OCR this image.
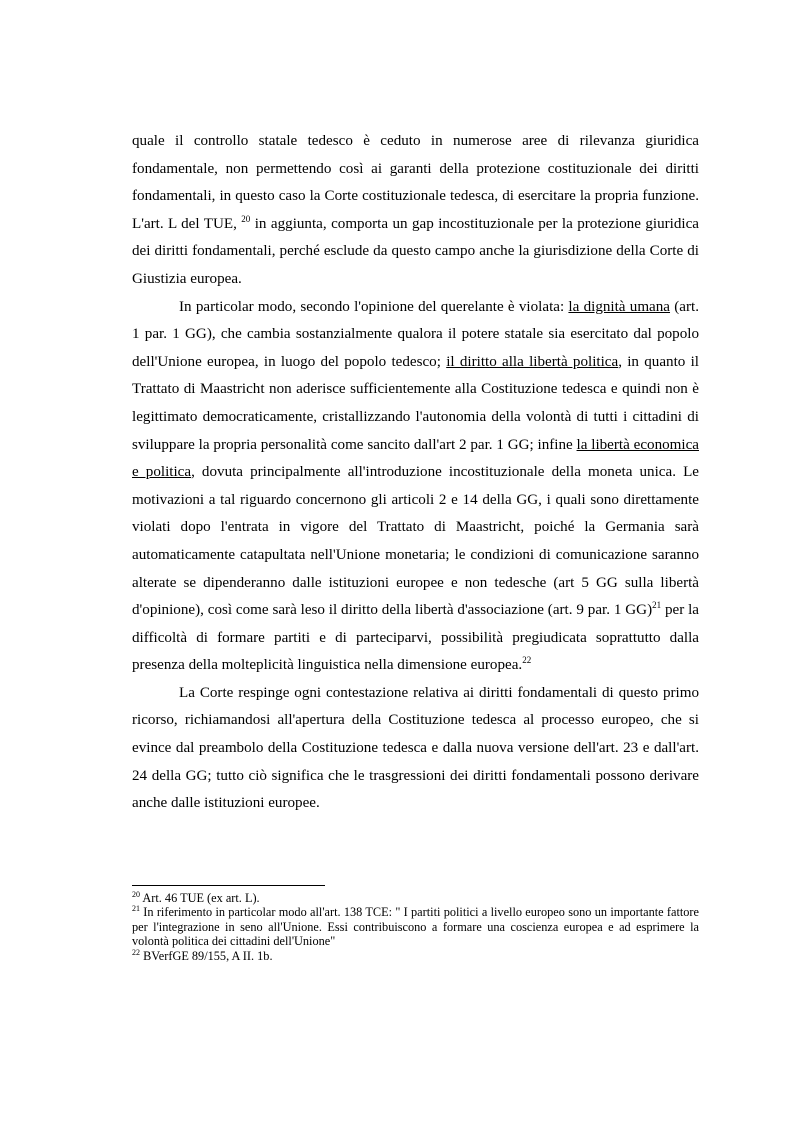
quale il controllo statale tedesco è ceduto in numerose aree di rilevanza giuridica fondamentale, non permettendo così ai garanti della protezione costituzionale dei diritti fondamentali, in questo caso la Corte costituzionale tedesca, di esercitare la propria funzione. L'art. L del TUE, $^{20}$ in aggiunta, comporta un gap incostituzionale per la protezione giuridica dei diritti fondamentali, perché esclude da questo campo anche la giurisdizione della Corte di Giustizia europea.

In particolar modo, secondo l'opinione del querelante è violata: la dignità umana (art. 1 par. 1 GG), che cambia sostanzialmente qualora il potere statale sia esercitato dal popolo dell'Unione europea, in luogo del popolo tedesco; il diritto alla libertà politica, in quanto il Trattato di Maastricht non aderisce sufficientemente alla Costituzione tedesca e quindi non è legittimato democraticamente, cristallizzando l'autonomia della volontà di tutti i cittadini di sviluppare la propria personalità come sancito dall'art 2 par. 1 GG; infine la libertà economica e politica, dovuta principalmente all'introduzione incostituzionale della moneta unica. Le motivazioni a tal riguardo concernono gli articoli 2 e 14 della GG, i quali sono direttamente violati dopo l'entrata in vigore del Trattato di Maastricht, poiché la Germania sarà automaticamente catapultata nell'Unione monetaria; le condizioni di comunicazione saranno alterate se dipenderanno dalle istituzioni europee e non tedesche (art 5 GG sulla libertà d'opinione), così come sarà leso il diritto della libertà d'associazione (art. 9 par. 1 GG)$^{21}$ per la difficoltà di formare partiti e di parteciparvi, possibilità pregiudicata soprattutto dalla presenza della molteplicità linguistica nella dimensione europea.$^{22}$

La Corte respinge ogni contestazione relativa ai diritti fondamentali di questo primo ricorso, richiamandosi all'apertura della Costituzione tedesca al processo europeo, che si evince dal preambolo della Costituzione tedesca e dalla nuova versione dell'art. 23 e dall'art. 24 della GG; tutto ciò significa che le trasgressioni dei diritti fondamentali possono derivare anche dalle istituzioni europee.

$^{20}$ Art. 46 TUE (ex art. L).

$^{21}$ In riferimento in particolar modo all'art. 138 TCE: " I partiti politici a livello europeo sono un importante fattore per l'integrazione in seno all'Unione. Essi contribuiscono a formare una coscienza europea e ad esprimere la volontà politica dei cittadini dell'Unione"

$^{22}$ BVerfGE 89/155, A II. 1b.
